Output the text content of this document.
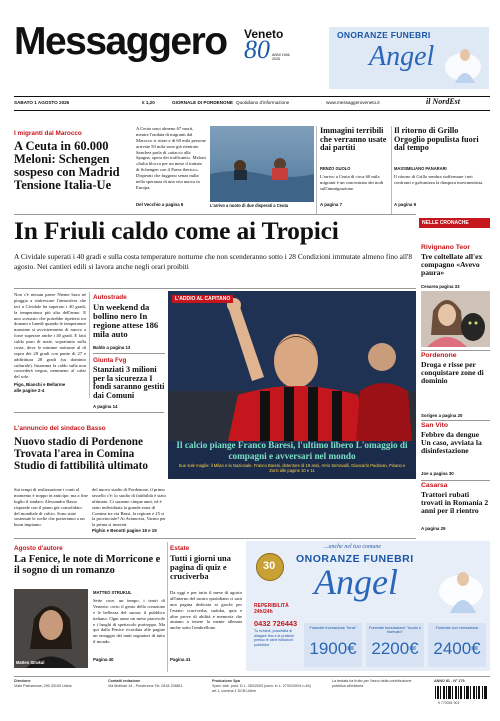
Messaggero Veneto
80 ANNI 1946 2026
ONORANZE FUNEBRI
Angel
SABATO 1 AGOSTO 2026	€ 1,20	GIORNALE DI PORDENONE Quotidiano d'informazione	www.messaggeroveneto.it	il NordEst
I migranti dal Marocco
A Ceuta in 60.000 Meloni: Schengen sospeso con Madrid Tensione Italia-Ue
A Ceuta sono almeno 67 morti, mentre l'ondata di migranti dal Marocco si ritrae e di 60 mila persone arrivate 50 mila sono già rientrate. Sanchez parla di «attacco alla Spagna, opera dei trafficanti». Meloni «Italia blocca per un mese il trattato di Schengen con il Paese iberico». Disperati che fuggono senza nulla nella speranza di una vita nuova in Europa.
Del Vecchio a pagina 6	L'arrivo a nuoto di due disperati a Ceuta
Immagini terribili che verranno usate dai partiti
RENZO GUOLO
L'arrivo a Ceuta di circa 60 mila migranti è un concentrato dei nodi sull'immigrazione.
A pagina 7
Il ritorno di Grillo Orgoglio populista fuori dal tempo
MASSIMILIANO PANARARI
Il ritorno di Grillo sembra riaffermare i nei confronti e galvanizza la diaspora movimentista.
A pagina 9
In Friuli caldo come ai Tropici
A Cividale superati i 40 gradi e sulla costa temperature notturne che non scenderanno sotto i 28 Condizioni immutate almeno fino all'8 agosto. Nei cantieri edili si lavora anche negli orari proibiti
Non c'è nessun paese Niente bora né pioggia a rinfrescare l'atmosfera che ieri a Cividale ha superato i 40 gradi, la temperatura più alta dell'anno. E uno scenario che potrebbe ripetersi tra domani e lunedì quando le temperature massime si avvicineranno di nuovo a forse superare anche i 40 gradi. E fatti caldo puro di notte, soprattutto sulla costa, dove le minime notturne al di sopra dei 28 gradi con punte di 27 e addirittura 28 gradi (su dominio culturale). Insomma fa caldo sulla non concederà tregua, nemmeno al calar del sole.
Pigo, Bianchi e Bellarme
alle pagine 2-4
Autostrade
Un weekend da bollino nero In regione attese 186 mila auto
Baldo a pagina 13
Giunta Fvg
Stanziati 3 milioni per la sicurezza I fondi saranno gestiti dai Comuni
A pagina 14
L'ADDIO AL CAPITANO
Il calcio piange Franco Baresi, l'ultimo libero L'omaggio di compagni e avversari nel mondo
Sue sole maglie: il Milan e la Nazionale. Franco Baresi, detentore di 19 anni, Arrio Serravalli, Giancarlo Padovan, Pisano e Zorzi alle pagine 10 e 11
L'annuncio del sindaco Basso
Nuovo stadio di Pordenone Trovata l'area in Comina Studio di fattibilità ultimato
Sui tempi di realizzazione i conti al momento è troppo in anticipo: ma a fine luglio il sindaco Alessandro Basso risponde con il piano già consolidato del mondiale di calcio. Sono state sostenute le scelte che porteranno a un buon impianto.
del nuovo stadio di Pordenone, il primo tassello c'è: lo studio di fattibilità è stato ultimato. Ci saranno cinque anni, ed è stato individuata la grande zona di Comina tra via Bassi, la regione e 25 si la provinciale? Ai Avianovia, Varmo per la prima si inserirà.
Pighin e Benotti pagine 18 e 19
Agosto d'autore
La Fenice, le note di Morricone e il sogno di un romanzo
Matteo Strukul
MATTEO STRUKUL
Sette cose, un tempo, i teatri di Venezia: certo il genio della creazione e le bellezza del suono; il pubblico italiano. Ogni anno un mese piacevole e i luoghi di spettacolo purtroppo. Ma qui dalla Fenice ricordata alle pagine un omaggio dei tanti sognatori di tutto il mondo.
Pagina 40
Estate
Tutti i giorni una pagina di quiz e cruciverba
Da oggi e per tutto il mese di agosto all'interno del nostro quotidiano ci sarà una pagina dedicata ai giochi per l'estate: cruciverba, sudoku, quiz e altre prove di abilità e memoria che aiutano a tenere la mente allenata anche sotto l'ombrellone.
Pagina 41
NELLE CRONACHE
Rivignano Teor
Tre coltellate all'ex compagno «Avevo paura»
Cesarea pagina 33
Pordenone
Droga e risse per conquistare zone di dominio
Sorigen a pagina 20
San Vito
Febbre da dengue Un caso, avviata la disinfestazione
Joe a pagina 30
Casarsa
Trattori rubati trovati in Romania 2 anni per il rientro
A pagina 29
...anche nel tuo comune
ONORANZE FUNEBRI
30 Angel
REPERIBILITÀ 24h/24h
0432 726443
Tu richiedi, possibilità di dilagare fino e le pratiche presso le varie istituzioni pubbliche
Funerale inumazione "terra"
1900€
Funerale tumulazione "loculo e riservato"
2200€
Funerale con cremazione
2400€
Direzione
Viale Palmanova, 290 33100 Udine
Contatti redazione
Via Molinari 14 - Pordenone Tel. 0434 238811
Produzione Spa
Sped. abb. post. D.L. 353/2003 (conv. in L. 27/02/2004 n.46) art.1, comma 1 DCB Udine
La testata ha fruito per l'anno della contribuzione pubblica all'editoria
ANNO 81 - N° 179
9 770391 001
